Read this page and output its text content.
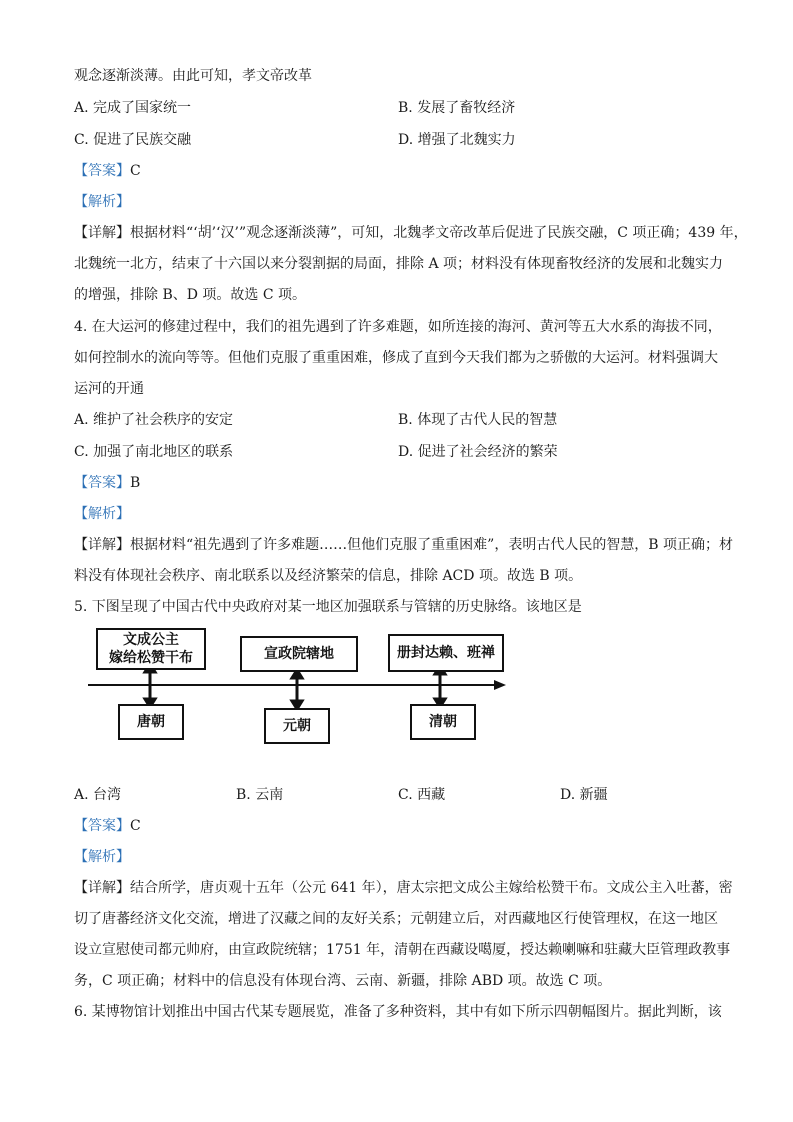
观念逐渐淡薄。由此可知，孝文帝改革
A. 完成了国家统一	B. 发展了畜牧经济
C. 促进了民族交融	D. 增强了北魏实力
【答案】C
【解析】
【详解】根据材料“‘胡’‘汉’”观念逐渐淡薄”，可知，北魏孝文帝改革后促进了民族交融，C 项正确；439 年，
北魏统一北方，结束了十六国以来分裂割据的局面，排除 A 项；材料没有体现畜牧经济的发展和北魏实力
的增强，排除 B、D 项。故选 C 项。
4. 在大运河的修建过程中，我们的祖先遇到了许多难题，如所连接的海河、黄河等五大水系的海拔不同，
如何控制水的流向等等。但他们克服了重重困难，修成了直到今天我们都为之骄傲的大运河。材料强调大
运河的开通
A. 维护了社会秩序的安定	B. 体现了古代人民的智慧
C. 加强了南北地区的联系	D. 促进了社会经济的繁荣
【答案】B
【解析】
【详解】根据材料“祖先遇到了许多难题……但他们克服了重重困难”，表明古代人民的智慧，B 项正确；材
料没有体现社会秩序、南北联系以及经济繁荣的信息，排除 ACD 项。故选 B 项。
5. 下图呈现了中国古代中央政府对某一地区加强联系与管辖的历史脉络。该地区是
文成公主
嫁给松赞干布	宣政院辖地	册封达赖、班禅
唐朝	元朝	清朝
A. 台湾	B. 云南	C. 西藏	D. 新疆
【答案】C
【解析】
【详解】结合所学，唐贞观十五年（公元 641 年），唐太宗把文成公主嫁给松赞干布。文成公主入吐蕃，密
切了唐蕃经济文化交流，增进了汉藏之间的友好关系；元朝建立后，对西藏地区行使管理权，在这一地区
设立宣慰使司都元帅府，由宣政院统辖；1751 年，清朝在西藏设噶厦，授达赖喇嘛和驻藏大臣管理政教事
务，C 项正确；材料中的信息没有体现台湾、云南、新疆，排除 ABD 项。故选 C 项。
6. 某博物馆计划推出中国古代某专题展览，准备了多种资料，其中有如下所示四朝幅图片。据此判断，该
